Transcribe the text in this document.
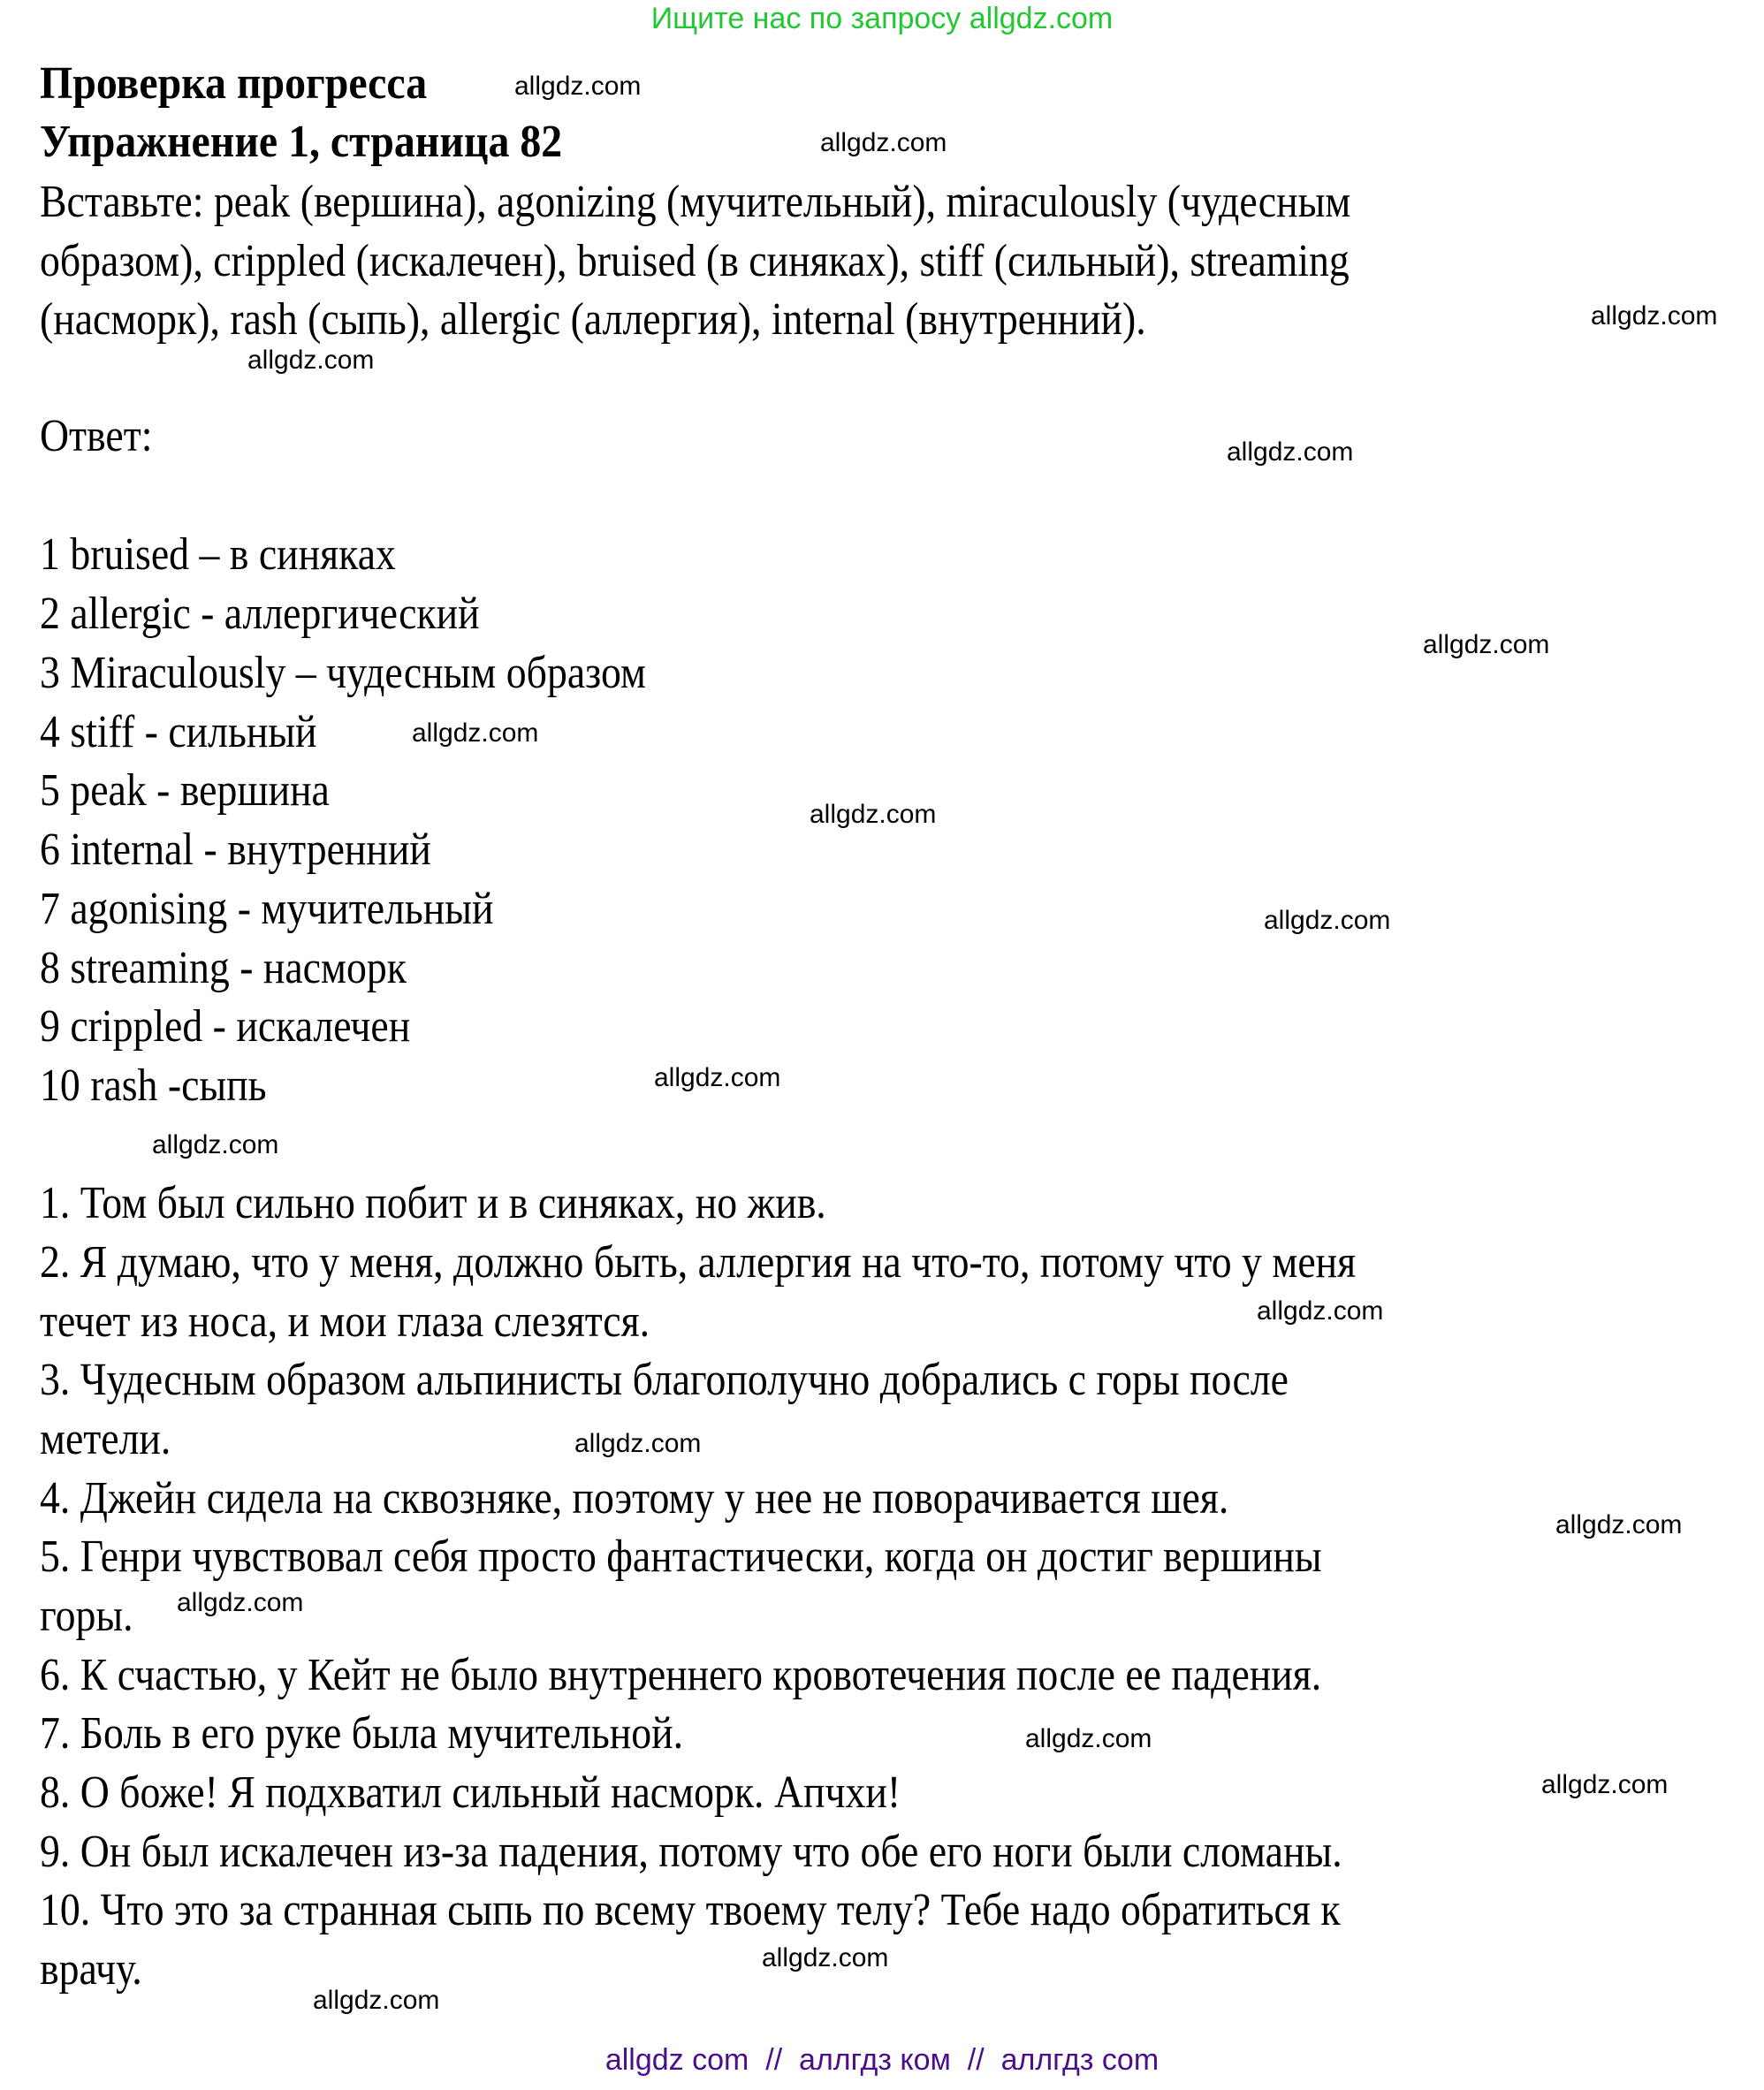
Ищите нас по запросу allgdz.com
Проверка прогресса
Упражнение 1, страница 82
Вставьте: peak (вершина), agonizing (мучительный), miraculously (чудесным
образом), crippled (искалечен), bruised (в синяках), stiff (сильный), streaming
(насморк), rash (сыпь), allergic (аллергия), internal (внутренний).
Ответ:
1 bruised – в синяках
2 allergic - аллергический
3 Miraculously – чудесным образом
4 stiff - сильный
5 peak - вершина
6 internal - внутренний
7 agonising - мучительный
8 streaming - насморк
9 crippled - искалечен
10 rash -сыпь
1. Том был сильно побит и в синяках, но жив.
2. Я думаю, что у меня, должно быть, аллергия на что-то, потому что у меня
течет из носа, и мои глаза слезятся.
3. Чудесным образом альпинисты благополучно добрались с горы после
метели.
4. Джейн сидела на сквозняке, поэтому у нее не поворачивается шея.
5. Генри чувствовал себя просто фантастически, когда он достиг вершины
горы.
6. К счастью, у Кейт не было внутреннего кровотечения после ее падения.
7. Боль в его руке была мучительной.
8. О боже! Я подхватил сильный насморк. Апчхи!
9. Он был искалечен из-за падения, потому что обе его ноги были сломаны.
10. Что это за странная сыпь по всему твоему телу? Тебе надо обратиться к
врачу.
allgdz.com
allgdz.com
allgdz.com
allgdz.com
allgdz.com
allgdz.com
allgdz.com
allgdz.com
allgdz.com
allgdz.com
allgdz.com
allgdz.com
allgdz.com
allgdz.com
allgdz.com
allgdz.com
allgdz.com
allgdz.com
allgdz.com
allgdz com  //  аллгдз ком  //  аллгдз com
